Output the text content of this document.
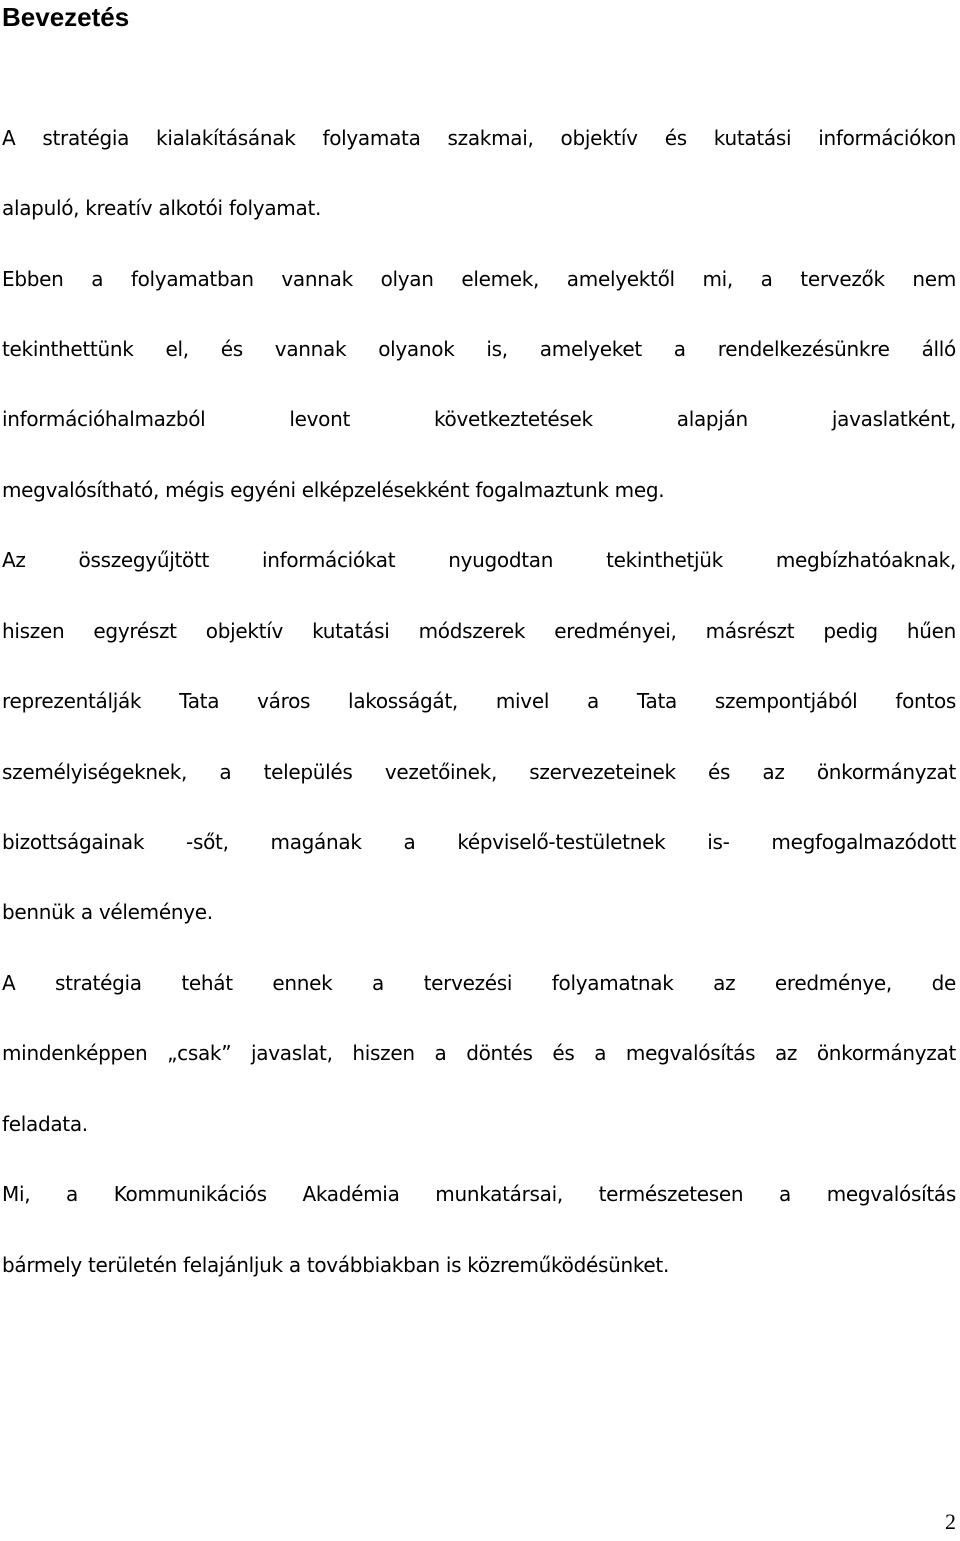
Bevezetés

A stratégia kialakításának folyamata szakmai, objektív és kutatási információkon

alapuló, kreatív alkotói folyamat.

Ebben a folyamatban vannak olyan elemek, amelyektől mi, a tervezők nem

tekinthettünk el, és vannak olyanok is, amelyeket a rendelkezésünkre álló

információhalmazból levont következtetések alapján javaslatként,

megvalósítható, mégis egyéni elképzelésekként fogalmaztunk meg.

Az összegyűjtött információkat nyugodtan tekinthetjük megbízhatóaknak,

hiszen egyrészt objektív kutatási módszerek eredményei, másrészt pedig hűen

reprezentálják Tata város lakosságát, mivel a Tata szempontjából fontos

személyiségeknek, a település vezetőinek, szervezeteinek és az önkormányzat

bizottságainak -sőt, magának a képviselő-testületnek is- megfogalmazódott

bennük a véleménye.

A stratégia tehát ennek a tervezési folyamatnak az eredménye, de

mindenképpen „csak” javaslat, hiszen a döntés és a megvalósítás az önkormányzat

feladata.

Mi, a Kommunikációs Akadémia munkatársai, természetesen a megvalósítás

bármely területén felajánljuk a továbbiakban is közreműködésünket.

2
